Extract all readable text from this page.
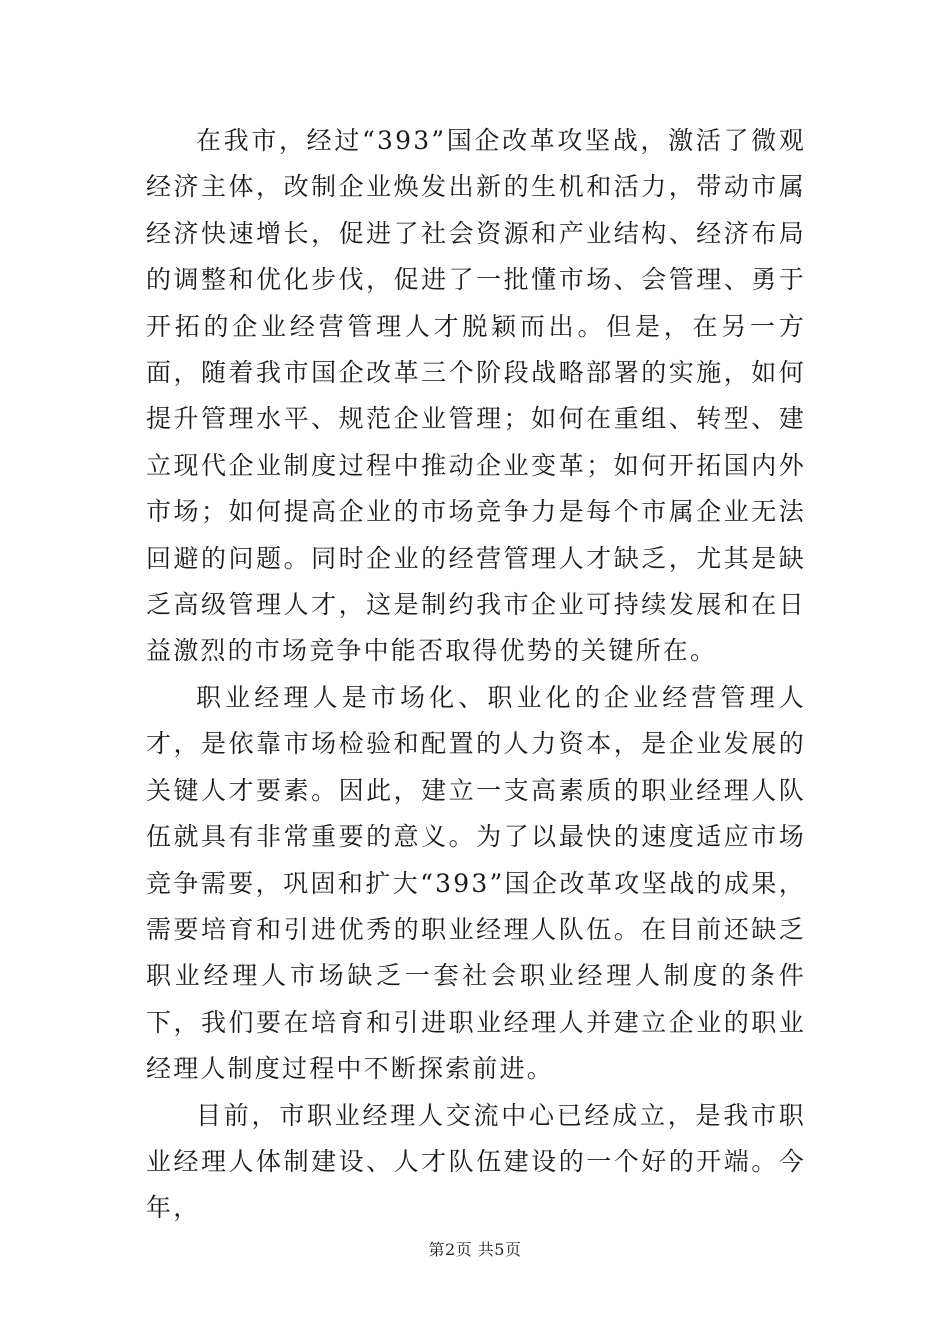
在我市，经过“393”国企改革攻坚战，激活了微观经济主体，改制企业焕发出新的生机和活力，带动市属经济快速增长，促进了社会资源和产业结构、经济布局的调整和优化步伐，促进了一批懂市场、会管理、勇于开拓的企业经营管理人才脱颖而出。但是，在另一方面，随着我市国企改革三个阶段战略部署的实施，如何提升管理水平、规范企业管理；如何在重组、转型、建立现代企业制度过程中推动企业变革；如何开拓国内外市场；如何提高企业的市场竞争力是每个市属企业无法回避的问题。同时企业的经营管理人才缺乏，尤其是缺乏高级管理人才，这是制约我市企业可持续发展和在日益激烈的市场竞争中能否取得优势的关键所在。

职业经理人是市场化、职业化的企业经营管理人才，是依靠市场检验和配置的人力资本，是企业发展的关键人才要素。因此，建立一支高素质的职业经理人队伍就具有非常重要的意义。为了以最快的速度适应市场竞争需要，巩固和扩大“393”国企改革攻坚战的成果，需要培育和引进优秀的职业经理人队伍。在目前还缺乏职业经理人市场缺乏一套社会职业经理人制度的条件下，我们要在培育和引进职业经理人并建立企业的职业经理人制度过程中不断探索前进。

目前，市职业经理人交流中心已经成立，是我市职业经理人体制建设、人才队伍建设的一个好的开端。今年，

第2页 共5页
